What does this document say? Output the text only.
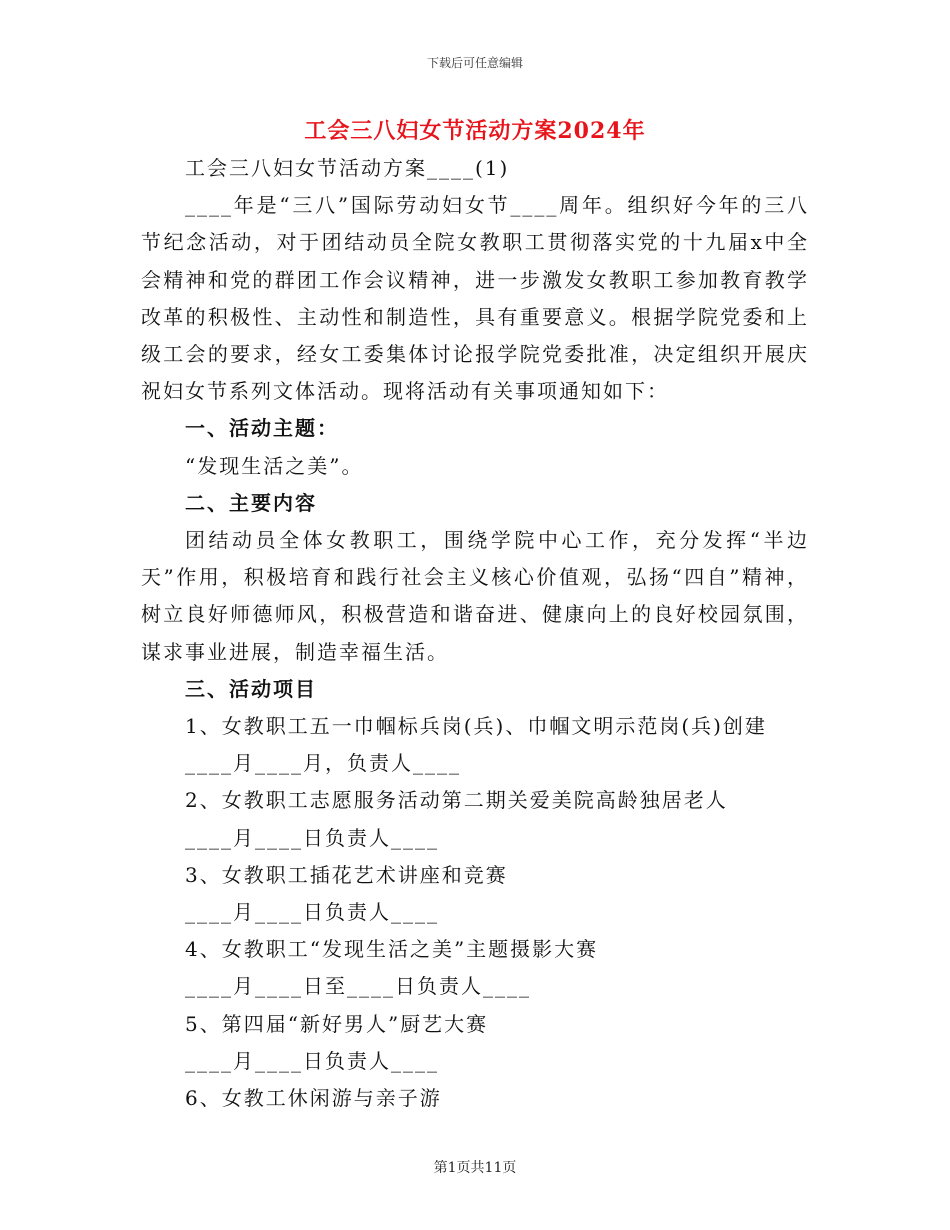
下载后可任意编辑
工会三八妇女节活动方案2024年

工会三八妇女节活动方案____(1)

____年是“三八”国际劳动妇女节____周年。组织好今年的三八节纪念活动，对于团结动员全院女教职工贯彻落实党的十九届x中全会精神和党的群团工作会议精神，进一步激发女教职工参加教育教学改革的积极性、主动性和制造性，具有重要意义。根据学院党委和上级工会的要求，经女工委集体讨论报学院党委批准，决定组织开展庆祝妇女节系列文体活动。现将活动有关事项通知如下：

一、活动主题：

“发现生活之美”。

二、主要内容

团结动员全体女教职工，围绕学院中心工作，充分发挥“半边天”作用，积极培育和践行社会主义核心价值观，弘扬“四自”精神，树立良好师德师风，积极营造和谐奋进、健康向上的良好校园氛围，谋求事业进展，制造幸福生活。

三、活动项目

1、女教职工五一巾帼标兵岗(兵)、巾帼文明示范岗(兵)创建

____月____月，负责人____

2、女教职工志愿服务活动第二期关爱美院高龄独居老人

____月____日负责人____

3、女教职工插花艺术讲座和竞赛

____月____日负责人____

4、女教职工“发现生活之美”主题摄影大赛

____月____日至____日负责人____

5、第四届“新好男人”厨艺大赛

____月____日负责人____

6、女教工休闲游与亲子游

第1页共11页
